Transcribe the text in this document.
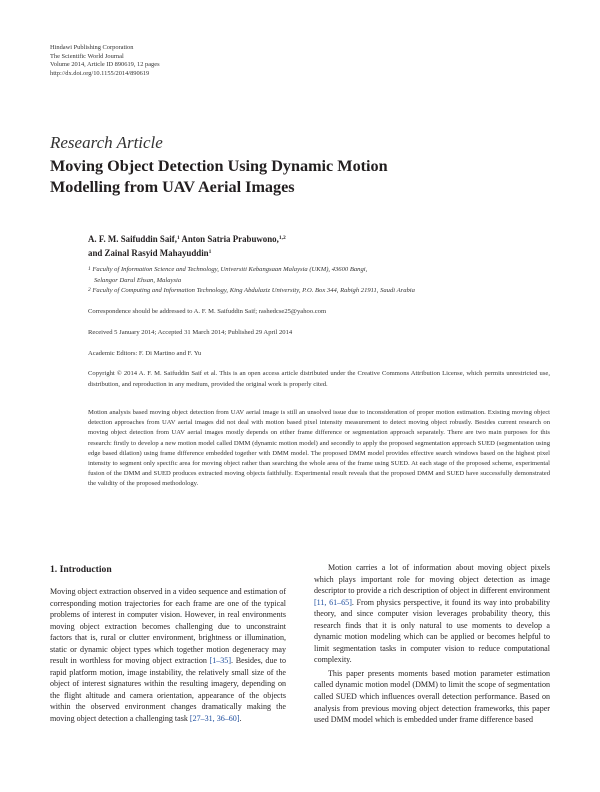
Hindawi Publishing Corporation
The Scientific World Journal
Volume 2014, Article ID 890619, 12 pages
http://dx.doi.org/10.1155/2014/890619
Research Article
Moving Object Detection Using Dynamic Motion
Modelling from UAV Aerial Images
A. F. M. Saifuddin Saif,$^1$ Anton Satria Prabuwono,$^{1,2}$
and Zainal Rasyid Mahayuddin$^1$
$^1$ Faculty of Information Science and Technology, Universiti Kebangsaan Malaysia (UKM), 43600 Bangi,
Selangor Darul Ehsan, Malaysia
$^2$ Faculty of Computing and Information Technology, King Abdulaziz University, P.O. Box 344, Rabigh 21911, Saudi Arabia
Correspondence should be addressed to A. F. M. Saifuddin Saif; rashedcse25@yahoo.com
Received 5 January 2014; Accepted 31 March 2014; Published 29 April 2014
Academic Editors: F. Di Martino and F. Yu
Copyright © 2014 A. F. M. Saifuddin Saif et al. This is an open access article distributed under the Creative Commons Attribution License, which permits unrestricted use, distribution, and reproduction in any medium, provided the original work is properly cited.
Motion analysis based moving object detection from UAV aerial image is still an unsolved issue due to inconsideration of proper motion estimation. Existing moving object detection approaches from UAV aerial images did not deal with motion based pixel intensity measurement to detect moving object robustly. Besides current research on moving object detection from UAV aerial images mostly depends on either frame difference or segmentation approach separately. There are two main purposes for this research: firstly to develop a new motion model called DMM (dynamic motion model) and secondly to apply the proposed segmentation approach SUED (segmentation using edge based dilation) using frame difference embedded together with DMM model. The proposed DMM model provides effective search windows based on the highest pixel intensity to segment only specific area for moving object rather than searching the whole area of the frame using SUED. At each stage of the proposed scheme, experimental fusion of the DMM and SUED produces extracted moving objects faithfully. Experimental result reveals that the proposed DMM and SUED have successfully demonstrated the validity of the proposed methodology.
1. Introduction

Moving object extraction observed in a video sequence and estimation of corresponding motion trajectories for each frame are one of the typical problems of interest in computer vision. However, in real environments moving object extraction becomes challenging due to unconstraint factors that is, rural or clutter environment, brightness or illumination, static or dynamic object types which together motion degeneracy may result in worthless for moving object extraction [1–35]. Besides, due to rapid platform motion, image instability, the relatively small size of the object of interest signatures within the resulting imagery, depending on the flight altitude and camera orientation, appearance of the objects within the observed environment changes dramatically making the moving object detection a challenging task [27–31, 36–60].

Motion carries a lot of information about moving object pixels which plays important role for moving object detection as image descriptor to provide a rich description of object in different environment [11, 61–65]. From physics perspective, it found its way into probability theory, and since computer vision leverages probability theory, this research finds that it is only natural to use moments to develop a dynamic motion modeling which can be applied or becomes helpful to limit segmentation tasks in computer vision to reduce computational complexity.

This paper presents moments based motion parameter estimation called dynamic motion model (DMM) to limit the scope of segmentation called SUED which influences overall detection performance. Based on analysis from previous moving object detection frameworks, this paper used DMM model which is embedded under frame difference based
